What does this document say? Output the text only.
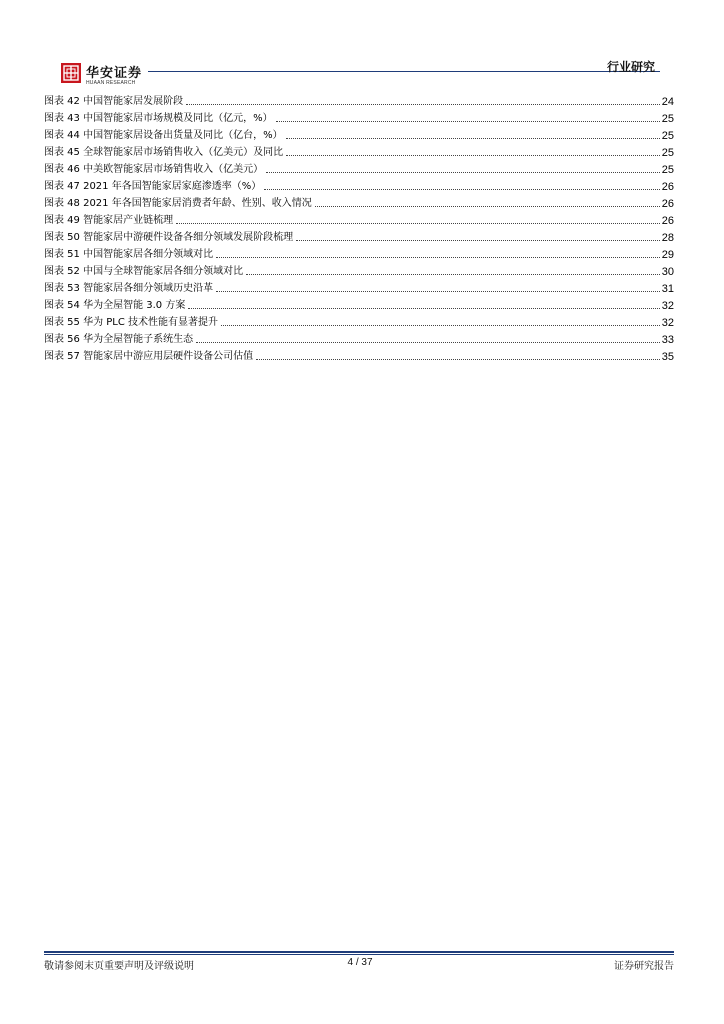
华安证券
HUAAN RESEARCH
行业研究
图表 42 中国智能家居发展阶段	24
图表 43 中国智能家居市场规模及同比（亿元，%）	25
图表 44 中国智能家居设备出货量及同比（亿台，%）	25
图表 45 全球智能家居市场销售收入（亿美元）及同比	25
图表 46 中美欧智能家居市场销售收入（亿美元）	25
图表 47 2021 年各国智能家居家庭渗透率（%）	26
图表 48 2021 年各国智能家居消费者年龄、性别、收入情况	26
图表 49 智能家居产业链梳理	26
图表 50 智能家居中游硬件设备各细分领域发展阶段梳理	28
图表 51 中国智能家居各细分领域对比	29
图表 52 中国与全球智能家居各细分领域对比	30
图表 53 智能家居各细分领域历史沿革	31
图表 54 华为全屋智能 3.0 方案	32
图表 55 华为 PLC 技术性能有显著提升	32
图表 56 华为全屋智能子系统生态	33
图表 57 智能家居中游应用层硬件设备公司估值	35
敬请参阅末页重要声明及评级说明	4 / 37	证券研究报告
